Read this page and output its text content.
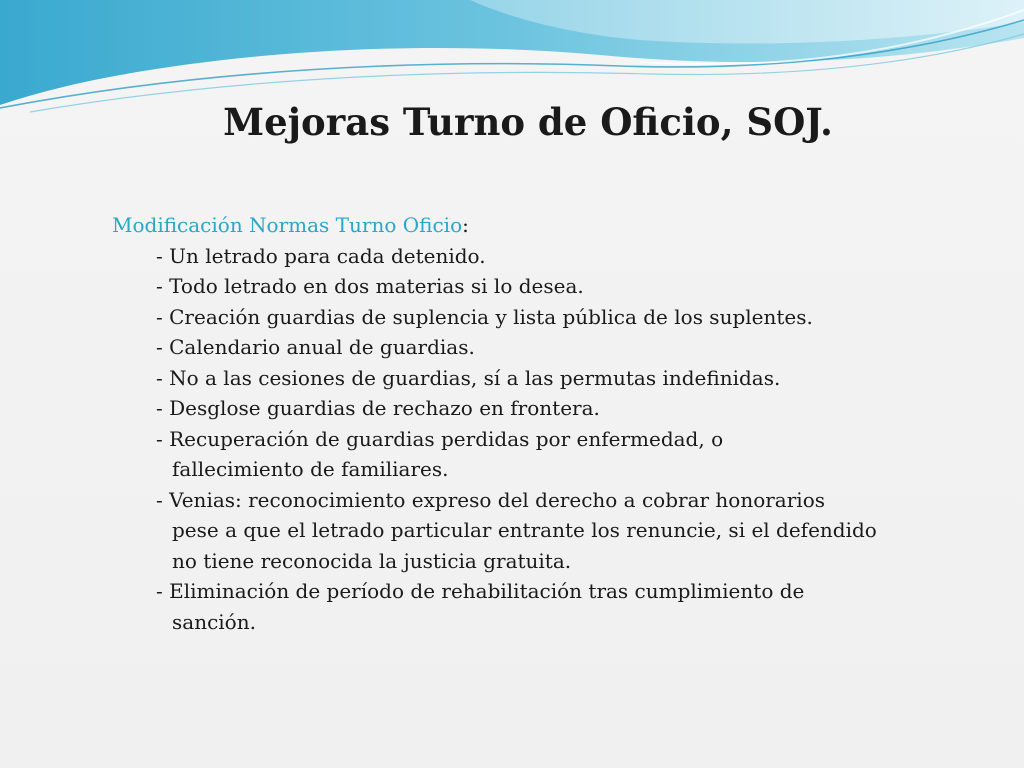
Mejoras Turno de Oficio, SOJ.
Modificación Normas Turno Oficio:
- Un letrado para cada detenido.
- Todo letrado en dos materias si lo desea.
- Creación guardias de suplencia y lista pública de los suplentes.
- Calendario anual de guardias.
- No a las cesiones de guardias, sí a las permutas indefinidas.
- Desglose guardias de rechazo en frontera.
- Recuperación de guardias perdidas por enfermedad, o
fallecimiento de familiares.
- Venias: reconocimiento expreso del derecho a cobrar honorarios
pese a que el letrado particular entrante los renuncie, si el defendido
no tiene reconocida la justicia gratuita.
- Eliminación de período de rehabilitación tras cumplimiento de
sanción.
